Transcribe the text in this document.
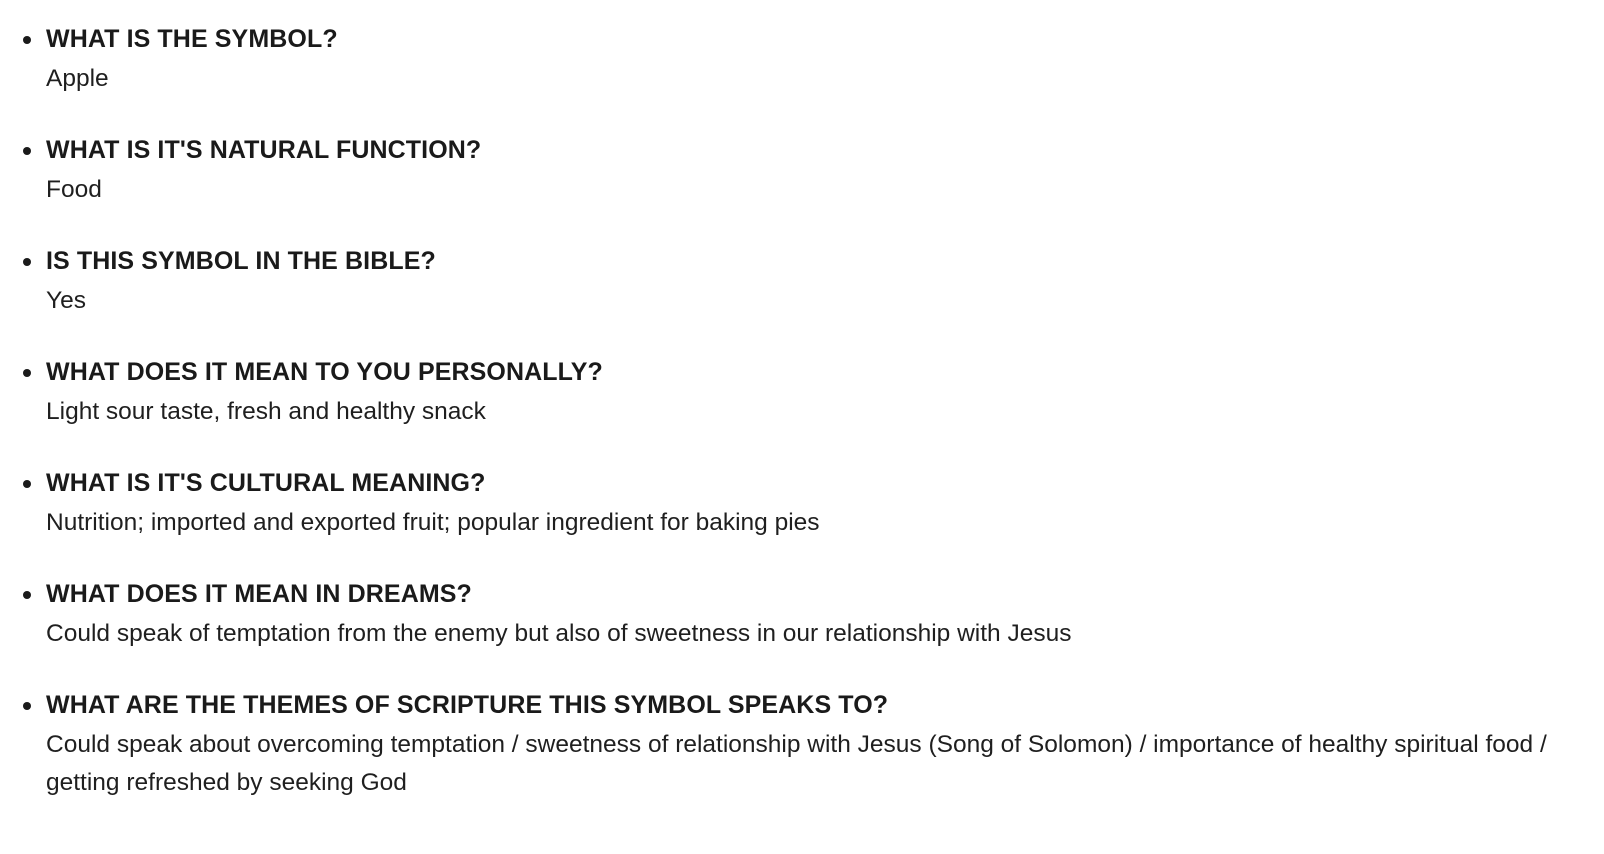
WHAT IS THE SYMBOL?
Apple
WHAT IS IT'S NATURAL FUNCTION?
Food
IS THIS SYMBOL IN THE BIBLE?
Yes
WHAT DOES IT MEAN TO YOU PERSONALLY?
Light sour taste, fresh and healthy snack
WHAT IS IT'S CULTURAL MEANING?
Nutrition; imported and exported fruit; popular ingredient for baking pies
WHAT DOES IT MEAN IN DREAMS?
Could speak of temptation from the enemy but also of sweetness in our relationship with Jesus
WHAT ARE THE THEMES OF SCRIPTURE THIS SYMBOL SPEAKS TO?
Could speak about overcoming temptation / sweetness of relationship with Jesus (Song of Solomon) / importance of healthy spiritual food / getting refreshed by seeking God
